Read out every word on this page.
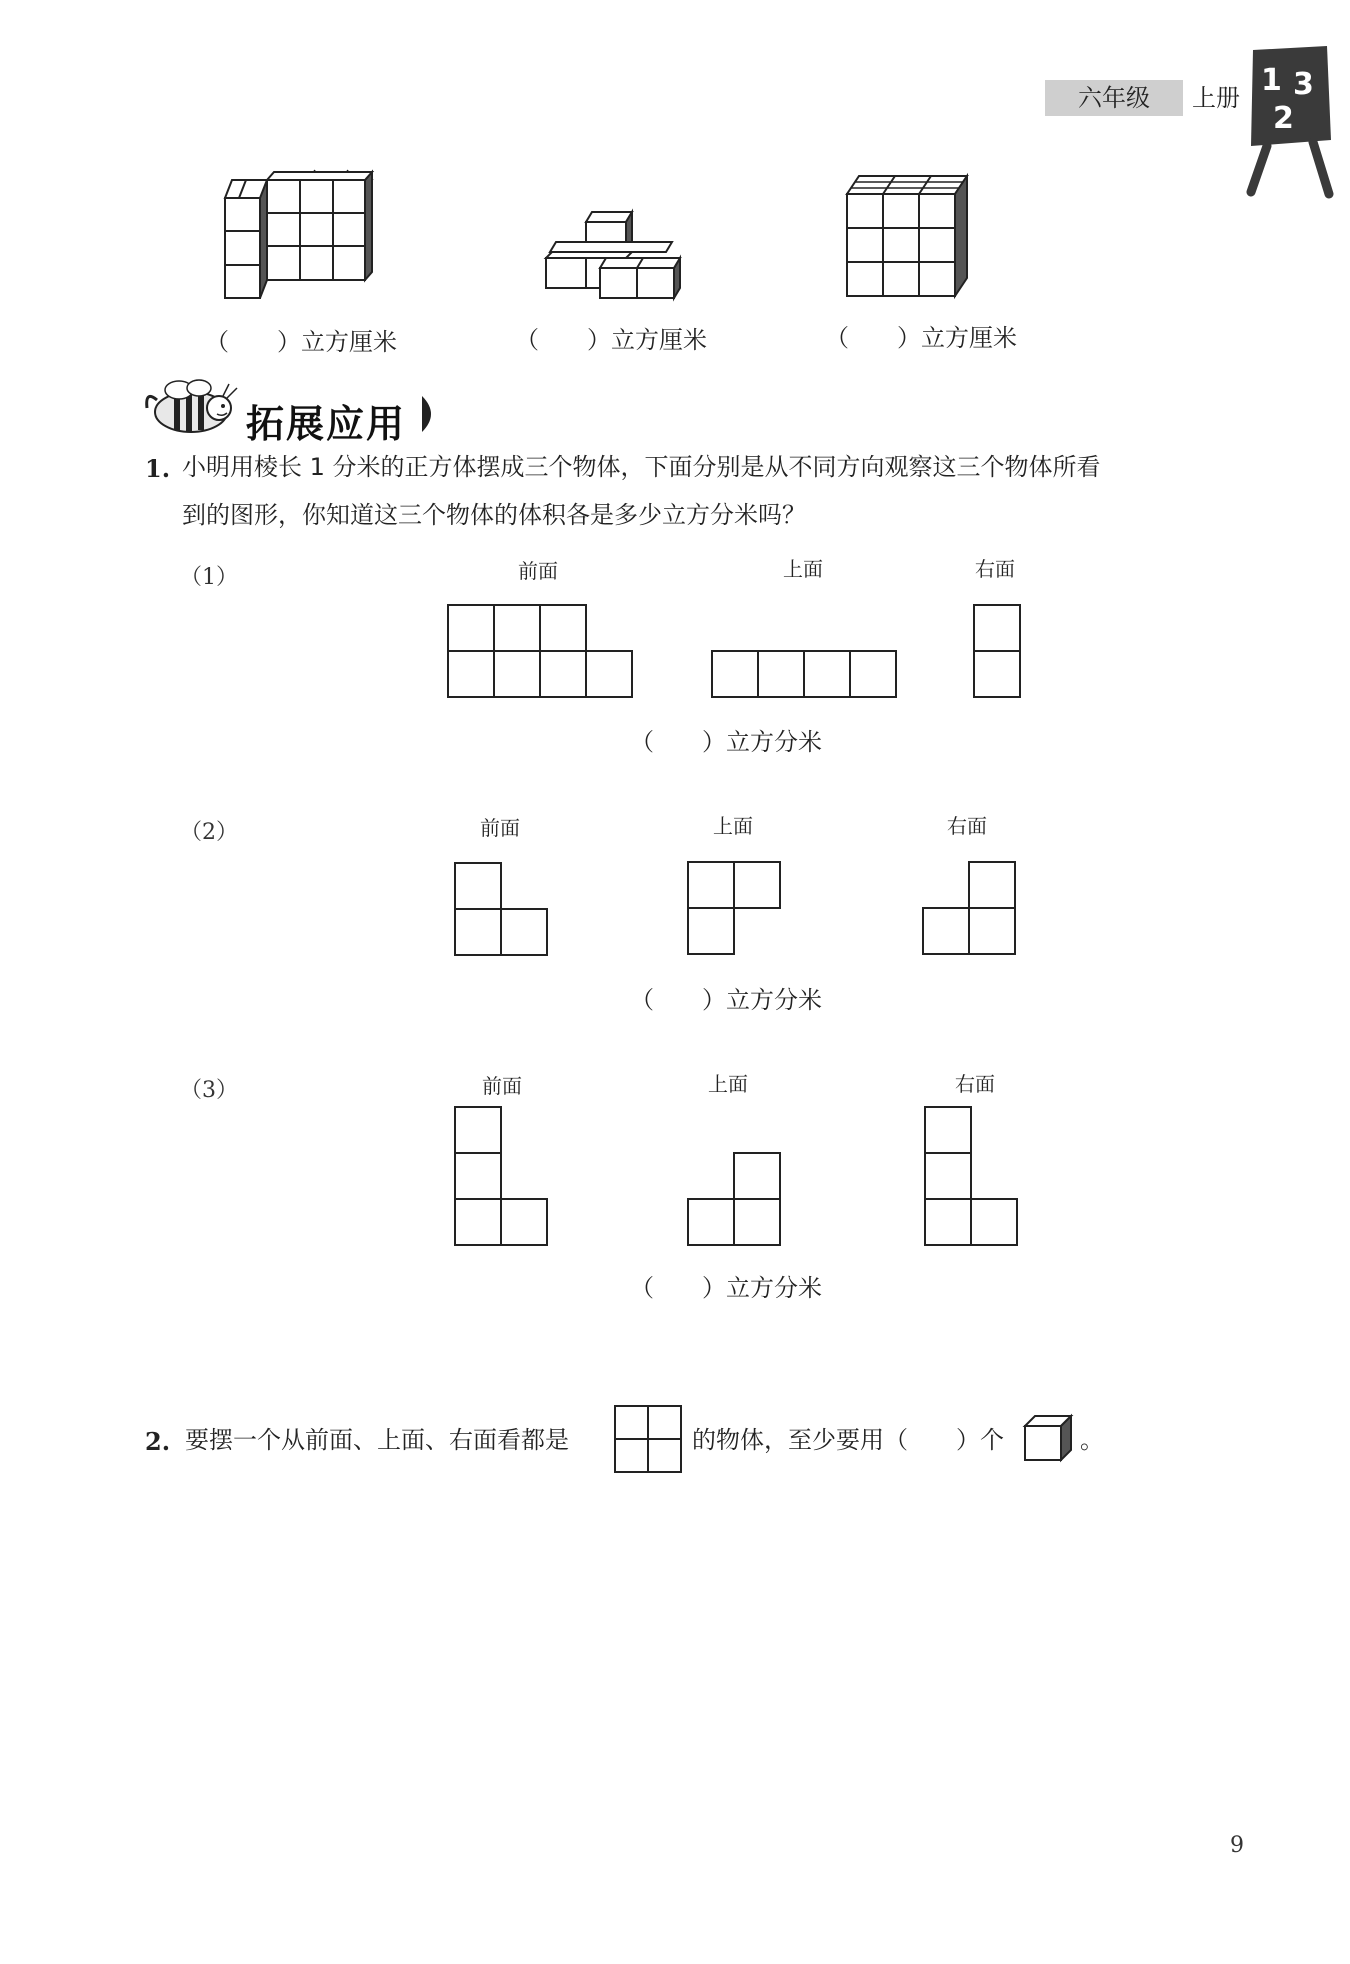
六年级	上册 1 3
2
（　　）立方厘米	（　　）立方厘米	（　　）立方厘米
拓展应用
1. 小明用棱长 1 分米的正方体摆成三个物体，下面分别是从不同方向观察这三个物体所看
到的图形，你知道这三个物体的体积各是多少立方分米吗？
（1）	前面	上面	右面
（　　）立方分米
（2）	前面	上面	右面
（　　）立方分米
（3）	前面	上面	右面
（　　）立方分米
2. 要摆一个从前面、上面、右面看都是	的物体，至少要用（　　）个	。
9
